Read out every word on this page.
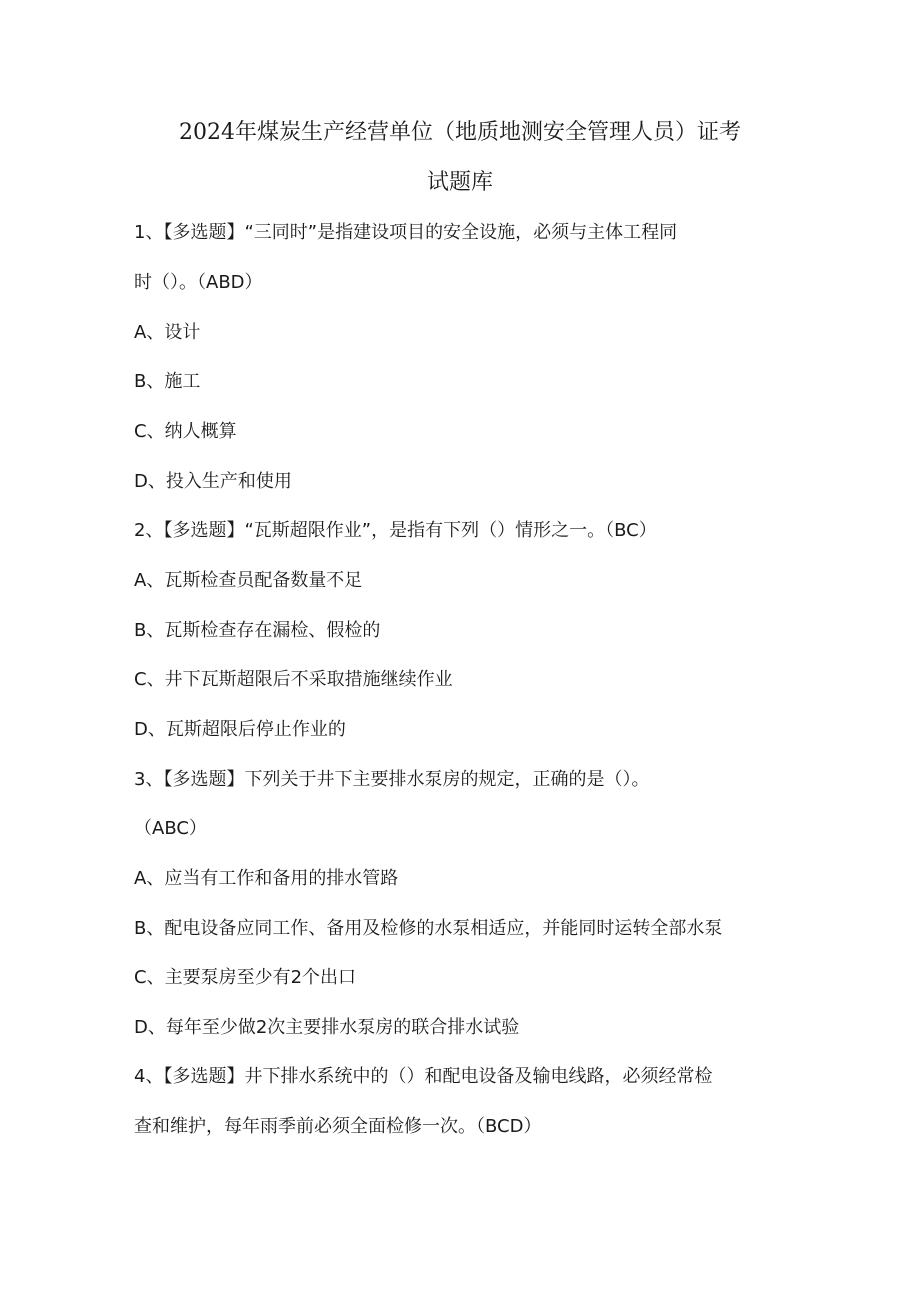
2024年煤炭生产经营单位（地质地测安全管理人员）证考
试题库
1、【多选题】“三同时”是指建设项目的安全设施，必须与主体工程同
时（）。（ABD）
A、设计
B、施工
C、纳人概算
D、投入生产和使用
2、【多选题】“瓦斯超限作业”，是指有下列（）情形之一。（BC）
A、瓦斯检查员配备数量不足
B、瓦斯检查存在漏检、假检的
C、井下瓦斯超限后不采取措施继续作业
D、瓦斯超限后停止作业的
3、【多选题】下列关于井下主要排水泵房的规定，正确的是（）。
（ABC）
A、应当有工作和备用的排水管路
B、配电设备应同工作、备用及检修的水泵相适应，并能同时运转全部水泵
C、主要泵房至少有2个出口
D、每年至少做2次主要排水泵房的联合排水试验
4、【多选题】井下排水系统中的（）和配电设备及输电线路，必须经常检
查和维护，每年雨季前必须全面检修一次。（BCD）
